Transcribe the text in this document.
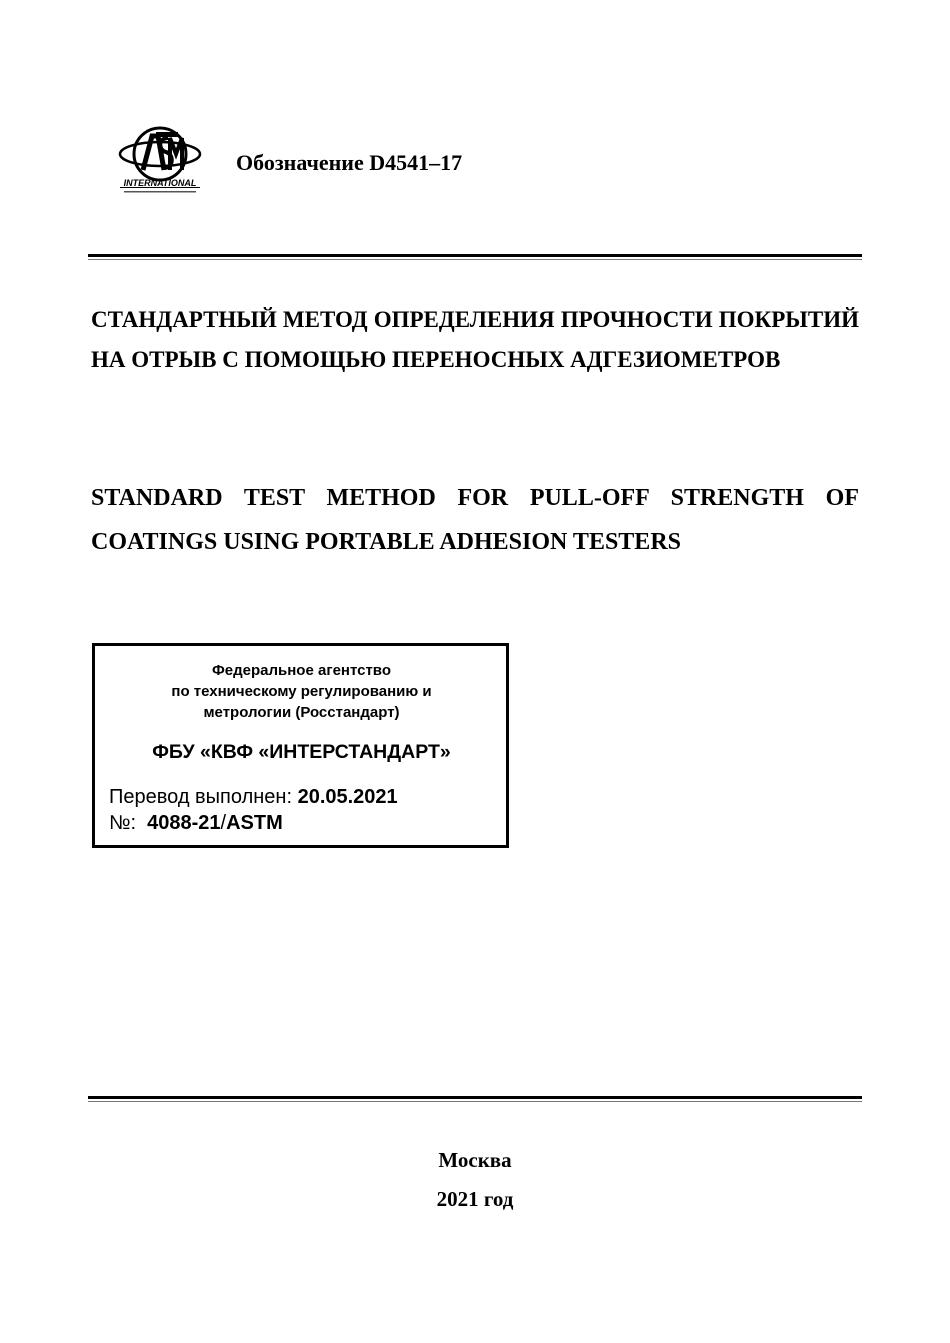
INTERNATIONAL
Обозначение D4541–17
СТАНДАРТНЫЙ МЕТОД ОПРЕДЕЛЕНИЯ ПРОЧНОСТИ ПОКРЫТИЙ НА ОТРЫВ С ПОМОЩЬЮ ПЕРЕНОСНЫХ АДГЕЗИОМЕТРОВ
STANDARD TEST METHOD FOR PULL-OFF STRENGTH OF COATINGS USING PORTABLE ADHESION TESTERS
Федеральное агентство
по техническому регулированию и
метрологии (Росстандарт)
ФБУ «КВФ «ИНТЕРСТАНДАРТ»
Перевод выполнен: 20.05.2021
№:  4088-21/ASTM
Москва
2021 год
